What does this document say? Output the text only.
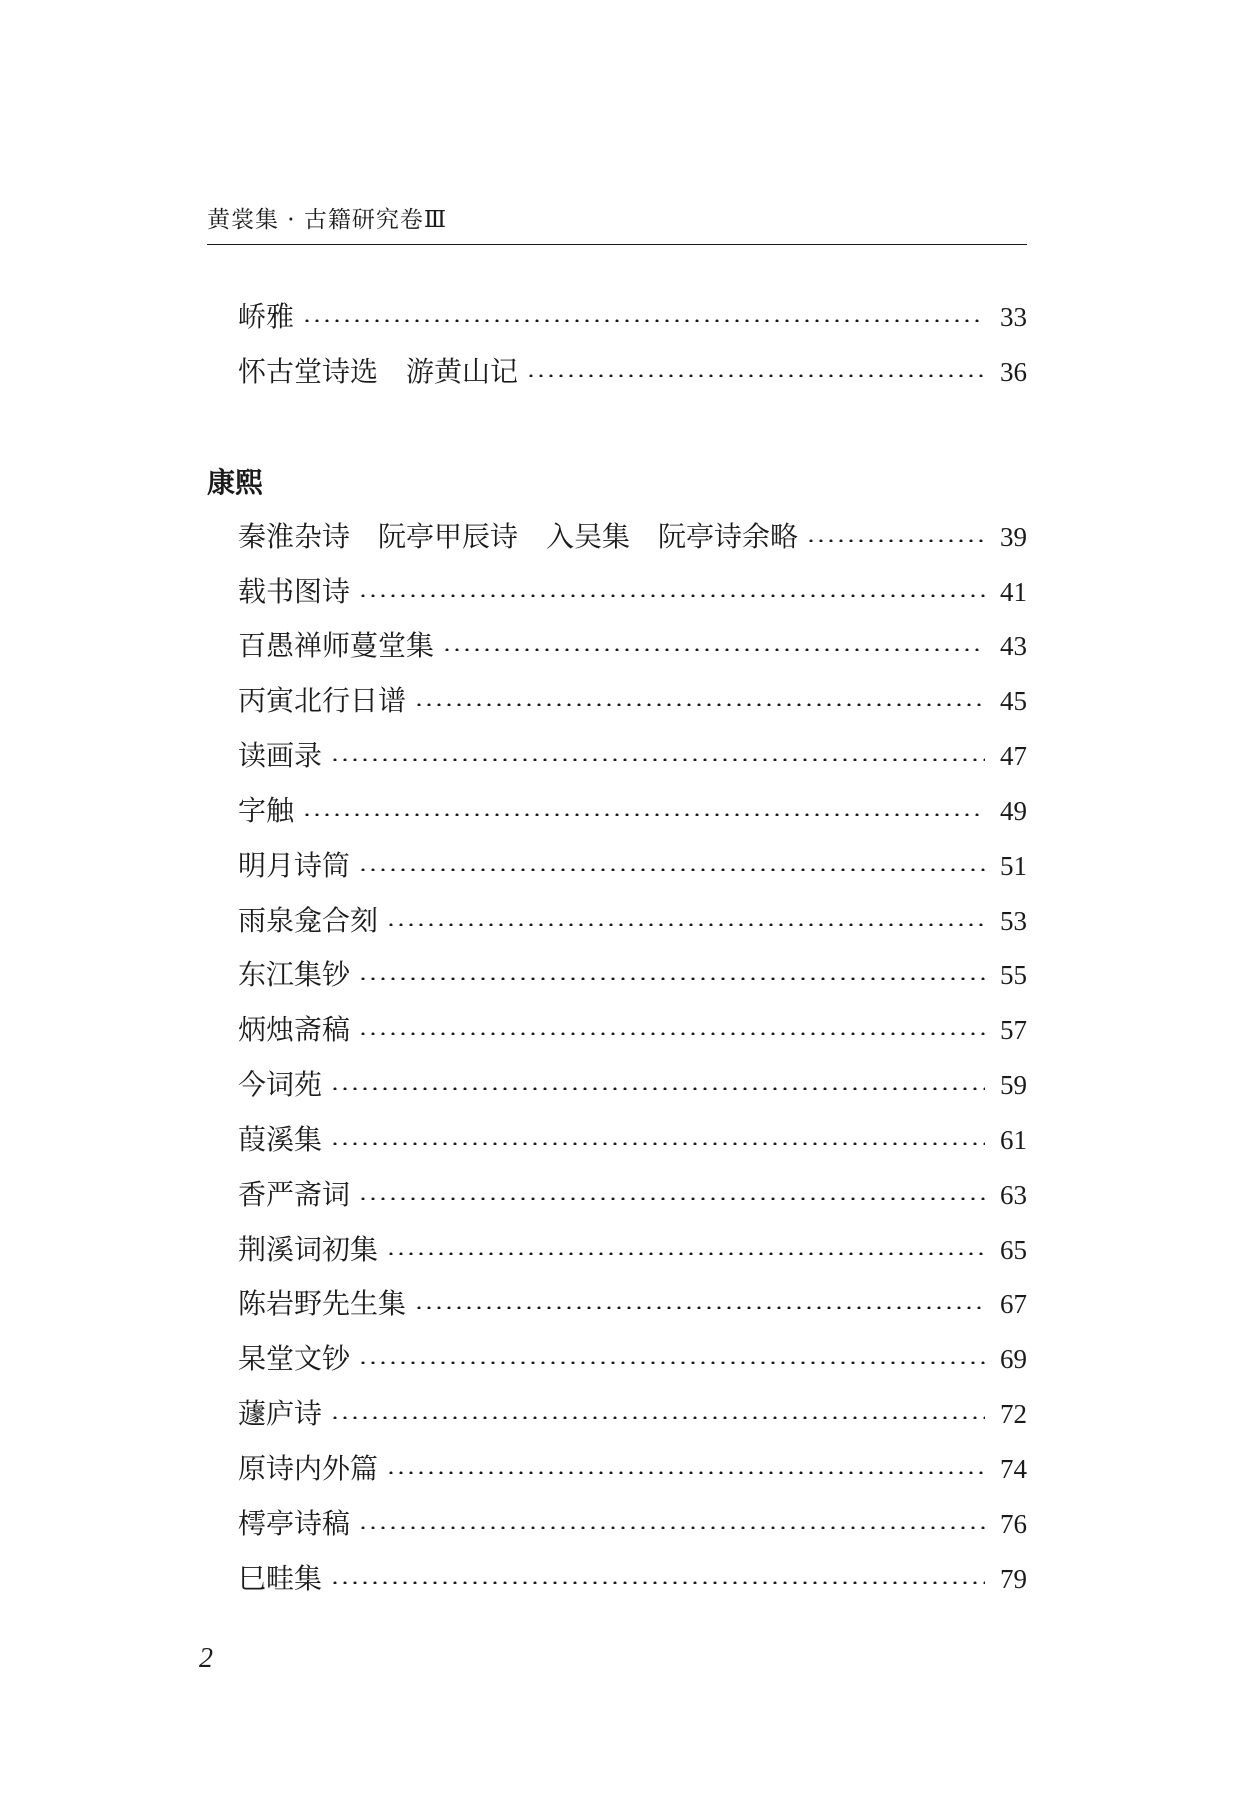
黄裳集 · 古籍研究卷Ⅲ
峤雅	33
怀古堂诗选　游黄山记	36
康熙
秦淮杂诗　阮亭甲辰诗　入吴集　阮亭诗余略	39
载书图诗	41
百愚禅师蔓堂集	43
丙寅北行日谱	45
读画录	47
字触	49
明月诗筒	51
雨泉龛合刻	53
东江集钞	55
炳烛斋稿	57
今词苑	59
葭溪集	61
香严斋词	63
荆溪词初集	65
陈岩野先生集	67
杲堂文钞	69
蘧庐诗	72
原诗内外篇	74
樗亭诗稿	76
巳畦集	79
2
